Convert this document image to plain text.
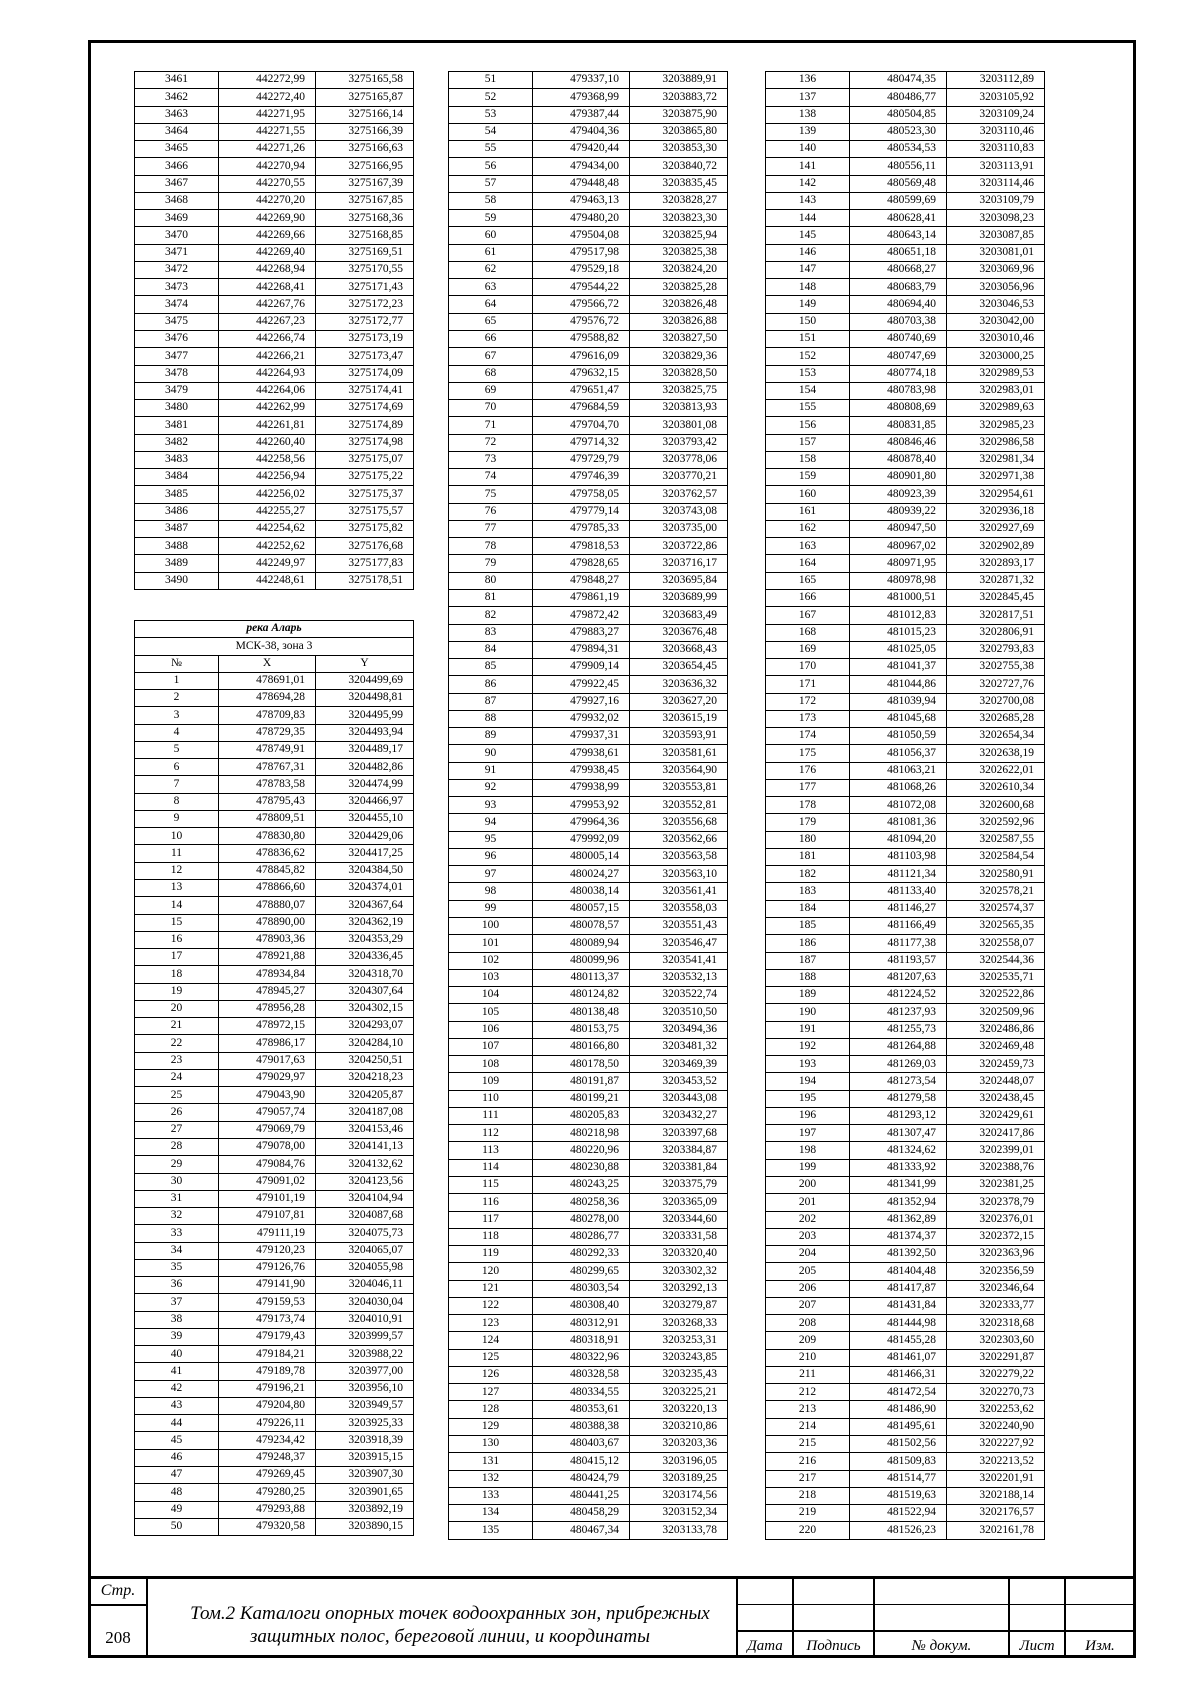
3461	442272,99	3275165,58
3462	442272,40	3275165,87
3463	442271,95	3275166,14
3464	442271,55	3275166,39
3465	442271,26	3275166,63
3466	442270,94	3275166,95
3467	442270,55	3275167,39
3468	442270,20	3275167,85
3469	442269,90	3275168,36
3470	442269,66	3275168,85
3471	442269,40	3275169,51
3472	442268,94	3275170,55
3473	442268,41	3275171,43
3474	442267,76	3275172,23
3475	442267,23	3275172,77
3476	442266,74	3275173,19
3477	442266,21	3275173,47
3478	442264,93	3275174,09
3479	442264,06	3275174,41
3480	442262,99	3275174,69
3481	442261,81	3275174,89
3482	442260,40	3275174,98
3483	442258,56	3275175,07
3484	442256,94	3275175,22
3485	442256,02	3275175,37
3486	442255,27	3275175,57
3487	442254,62	3275175,82
3488	442252,62	3275176,68
3489	442249,97	3275177,83
3490	442248,61	3275178,51
река Аларь		
МСК-38, зона 3		
№	X	Y
1	478691,01	3204499,69
2	478694,28	3204498,81
3	478709,83	3204495,99
4	478729,35	3204493,94
5	478749,91	3204489,17
6	478767,31	3204482,86
7	478783,58	3204474,99
8	478795,43	3204466,97
9	478809,51	3204455,10
10	478830,80	3204429,06
11	478836,62	3204417,25
12	478845,82	3204384,50
13	478866,60	3204374,01
14	478880,07	3204367,64
15	478890,00	3204362,19
16	478903,36	3204353,29
17	478921,88	3204336,45
18	478934,84	3204318,70
19	478945,27	3204307,64
20	478956,28	3204302,15
21	478972,15	3204293,07
22	478986,17	3204284,10
23	479017,63	3204250,51
24	479029,97	3204218,23
25	479043,90	3204205,87
26	479057,74	3204187,08
27	479069,79	3204153,46
28	479078,00	3204141,13
29	479084,76	3204132,62
30	479091,02	3204123,56
31	479101,19	3204104,94
32	479107,81	3204087,68
33	479111,19	3204075,73
34	479120,23	3204065,07
35	479126,76	3204055,98
36	479141,90	3204046,11
37	479159,53	3204030,04
38	479173,74	3204010,91
39	479179,43	3203999,57
40	479184,21	3203988,22
41	479189,78	3203977,00
42	479196,21	3203956,10
43	479204,80	3203949,57
44	479226,11	3203925,33
45	479234,42	3203918,39
46	479248,37	3203915,15
47	479269,45	3203907,30
48	479280,25	3203901,65
49	479293,88	3203892,19
50	479320,58	3203890,15
51	479337,10	3203889,91
52	479368,99	3203883,72
53	479387,44	3203875,90
54	479404,36	3203865,80
55	479420,44	3203853,30
56	479434,00	3203840,72
57	479448,48	3203835,45
58	479463,13	3203828,27
59	479480,20	3203823,30
60	479504,08	3203825,94
61	479517,98	3203825,38
62	479529,18	3203824,20
63	479544,22	3203825,28
64	479566,72	3203826,48
65	479576,72	3203826,88
66	479588,82	3203827,50
67	479616,09	3203829,36
68	479632,15	3203828,50
69	479651,47	3203825,75
70	479684,59	3203813,93
71	479704,70	3203801,08
72	479714,32	3203793,42
73	479729,79	3203778,06
74	479746,39	3203770,21
75	479758,05	3203762,57
76	479779,14	3203743,08
77	479785,33	3203735,00
78	479818,53	3203722,86
79	479828,65	3203716,17
80	479848,27	3203695,84
81	479861,19	3203689,99
82	479872,42	3203683,49
83	479883,27	3203676,48
84	479894,31	3203668,43
85	479909,14	3203654,45
86	479922,45	3203636,32
87	479927,16	3203627,20
88	479932,02	3203615,19
89	479937,31	3203593,91
90	479938,61	3203581,61
91	479938,45	3203564,90
92	479938,99	3203553,81
93	479953,92	3203552,81
94	479964,36	3203556,68
95	479992,09	3203562,66
96	480005,14	3203563,58
97	480024,27	3203563,10
98	480038,14	3203561,41
99	480057,15	3203558,03
100	480078,57	3203551,43
101	480089,94	3203546,47
102	480099,96	3203541,41
103	480113,37	3203532,13
104	480124,82	3203522,74
105	480138,48	3203510,50
106	480153,75	3203494,36
107	480166,80	3203481,32
108	480178,50	3203469,39
109	480191,87	3203453,52
110	480199,21	3203443,08
111	480205,83	3203432,27
112	480218,98	3203397,68
113	480220,96	3203384,87
114	480230,88	3203381,84
115	480243,25	3203375,79
116	480258,36	3203365,09
117	480278,00	3203344,60
118	480286,77	3203331,58
119	480292,33	3203320,40
120	480299,65	3203302,32
121	480303,54	3203292,13
122	480308,40	3203279,87
123	480312,91	3203268,33
124	480318,91	3203253,31
125	480322,96	3203243,85
126	480328,58	3203235,43
127	480334,55	3203225,21
128	480353,61	3203220,13
129	480388,38	3203210,86
130	480403,67	3203203,36
131	480415,12	3203196,05
132	480424,79	3203189,25
133	480441,25	3203174,56
134	480458,29	3203152,34
135	480467,34	3203133,78
136	480474,35	3203112,89
137	480486,77	3203105,92
138	480504,85	3203109,24
139	480523,30	3203110,46
140	480534,53	3203110,83
141	480556,11	3203113,91
142	480569,48	3203114,46
143	480599,69	3203109,79
144	480628,41	3203098,23
145	480643,14	3203087,85
146	480651,18	3203081,01
147	480668,27	3203069,96
148	480683,79	3203056,96
149	480694,40	3203046,53
150	480703,38	3203042,00
151	480740,69	3203010,46
152	480747,69	3203000,25
153	480774,18	3202989,53
154	480783,98	3202983,01
155	480808,69	3202989,63
156	480831,85	3202985,23
157	480846,46	3202986,58
158	480878,40	3202981,34
159	480901,80	3202971,38
160	480923,39	3202954,61
161	480939,22	3202936,18
162	480947,50	3202927,69
163	480967,02	3202902,89
164	480971,95	3202893,17
165	480978,98	3202871,32
166	481000,51	3202845,45
167	481012,83	3202817,51
168	481015,23	3202806,91
169	481025,05	3202793,83
170	481041,37	3202755,38
171	481044,86	3202727,76
172	481039,94	3202700,08
173	481045,68	3202685,28
174	481050,59	3202654,34
175	481056,37	3202638,19
176	481063,21	3202622,01
177	481068,26	3202610,34
178	481072,08	3202600,68
179	481081,36	3202592,96
180	481094,20	3202587,55
181	481103,98	3202584,54
182	481121,34	3202580,91
183	481133,40	3202578,21
184	481146,27	3202574,37
185	481166,49	3202565,35
186	481177,38	3202558,07
187	481193,57	3202544,36
188	481207,63	3202535,71
189	481224,52	3202522,86
190	481237,93	3202509,96
191	481255,73	3202486,86
192	481264,88	3202469,48
193	481269,03	3202459,73
194	481273,54	3202448,07
195	481279,58	3202438,45
196	481293,12	3202429,61
197	481307,47	3202417,86
198	481324,62	3202399,01
199	481333,92	3202388,76
200	481341,99	3202381,25
201	481352,94	3202378,79
202	481362,89	3202376,01
203	481374,37	3202372,15
204	481392,50	3202363,96
205	481404,48	3202356,59
206	481417,87	3202346,64
207	481431,84	3202333,77
208	481444,98	3202318,68
209	481455,28	3202303,60
210	481461,07	3202291,87
211	481466,31	3202279,22
212	481472,54	3202270,73
213	481486,90	3202253,62
214	481495,61	3202240,90
215	481502,56	3202227,92
216	481509,83	3202213,52
217	481514,77	3202201,91
218	481519,63	3202188,14
219	481522,94	3202176,57
220	481526,23	3202161,78
Стр.
208
Том.2 Каталоги опорных точек водоохранных зон, прибрежных
защитных полос, береговой линии, и координаты	Дата	Подпись	№ докум.	Лист	Изм.
